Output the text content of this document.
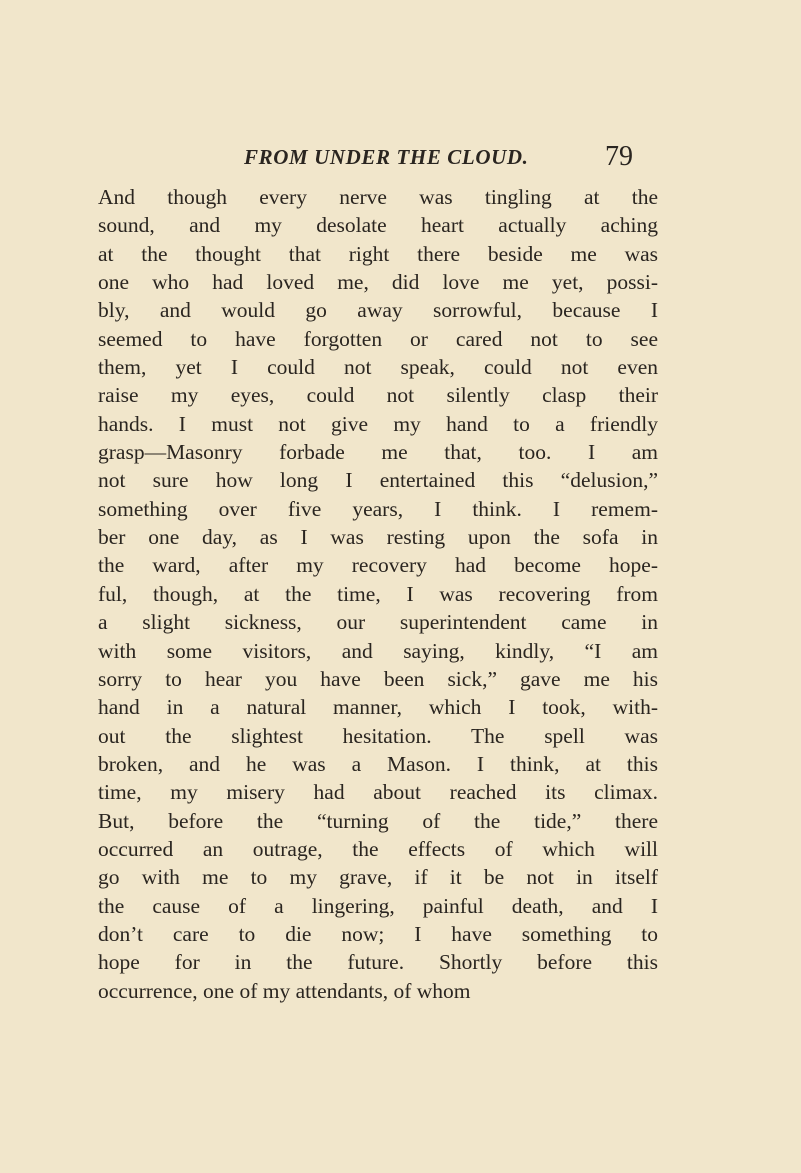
FROM UNDER THE CLOUD.	79
And though every nerve was tingling at the
sound, and my desolate heart actually aching
at the thought that right there beside me was
one who had loved me, did love me yet, possi-
bly, and would go away sorrowful, because I
seemed to have forgotten or cared not to see
them, yet I could not speak, could not even
raise my eyes, could not silently clasp their
hands. I must not give my hand to a friendly
grasp—Masonry forbade me that, too. I am
not sure how long I entertained this “delusion,”
something over five years, I think. I remem-
ber one day, as I was resting upon the sofa in
the ward, after my recovery had become hope-
ful, though, at the time, I was recovering from
a slight sickness, our superintendent came in
with some visitors, and saying, kindly, “I am
sorry to hear you have been sick,” gave me his
hand in a natural manner, which I took, with-
out the slightest hesitation. The spell was
broken, and he was a Mason. I think, at this
time, my misery had about reached its climax.
But, before the “turning of the tide,” there
occurred an outrage, the effects of which will
go with me to my grave, if it be not in itself
the cause of a lingering, painful death, and I
don’t care to die now; I have something to
hope for in the future. Shortly before this
occurrence, one of my attendants, of whom
